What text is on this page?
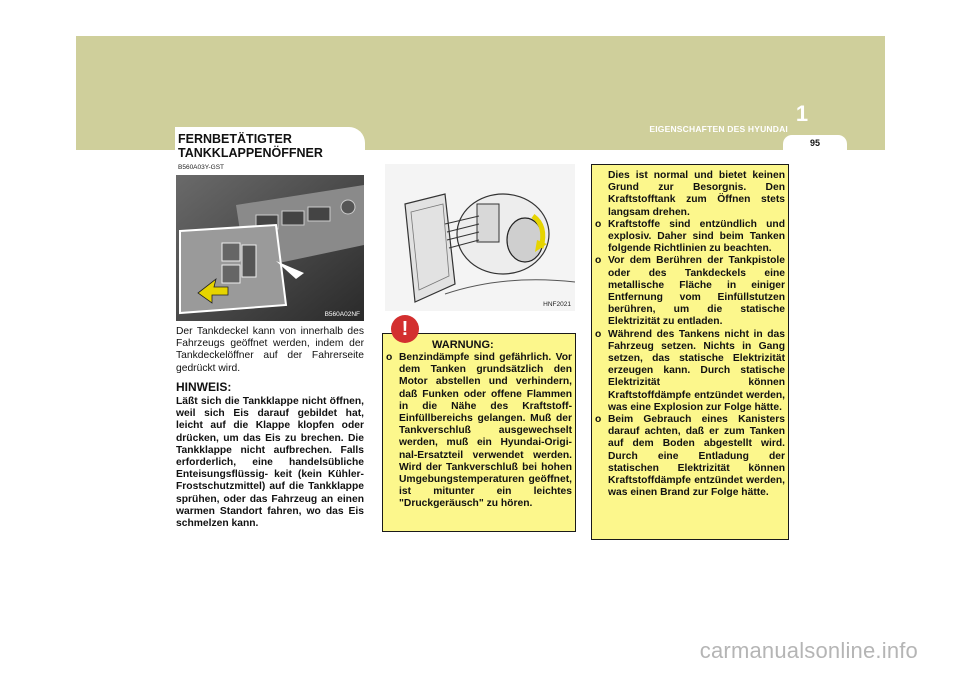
1
EIGENSCHAFTEN DES HYUNDAI
95
FERNBETÄTIGTER
TANKKLAPPENÖFFNER
B560A03Y-GST
B560A02NF
Der Tankdeckel kann von innerhalb des Fahrzeugs geöffnet werden, indem der Tankdeckelöffner auf der Fahrerseite gedrückt wird.
HINWEIS:
Läßt sich die Tankklappe nicht öffnen, weil sich Eis darauf gebildet hat, leicht auf die Klappe klopfen oder drücken, um das Eis zu brechen. Die Tankklappe nicht aufbrechen. Falls erforderlich, eine handelsübliche Enteisungsflüssig- keit (kein Kühler-Frostschutzmittel) auf die Tankklappe sprühen, oder das Fahrzeug an einen warmen Standort fahren, wo das Eis schmelzen kann.
HNF2021
!
WARNUNG:
o Benzindämpfe sind gefährlich. Vor dem Tanken grundsätzlich den Motor abstellen und verhindern, daß Funken oder offene Flammen in die Nähe des Kraftstoff-Einfüllbereichs gelangen. Muß der Tankverschluß ausgewechselt werden, muß ein Hyundai-Origi- nal-Ersatzteil verwendet werden. Wird der Tankverschluß bei hohen Umgebungstemperaturen geöffnet, ist mitunter ein leichtes "Druckgeräusch" zu hören.
Dies ist normal und bietet keinen Grund zur Besorgnis. Den Kraftstofftank zum Öffnen stets langsam drehen.
o Kraftstoffe sind entzündlich und explosiv. Daher sind beim Tanken folgende Richtlinien zu beachten.
o Vor dem Berühren der Tankpistole oder des Tankdeckels eine metallische Fläche in einiger Entfernung vom Einfüllstutzen berühren, um die statische Elektrizität zu entladen.
o Während des Tankens nicht in das Fahrzeug setzen. Nichts in Gang setzen, das statische Elektrizität erzeugen kann. Durch statische Elektrizität können Kraftstoffdämpfe entzündet werden, was eine Explosion zur Folge hätte.
o Beim Gebrauch eines Kanisters darauf achten, daß er zum Tanken auf dem Boden abgestellt wird. Durch eine Entladung der statischen Elektrizität können Kraftstoffdämpfe entzündet werden, was einen Brand zur Folge hätte.
carmanualsonline.info
